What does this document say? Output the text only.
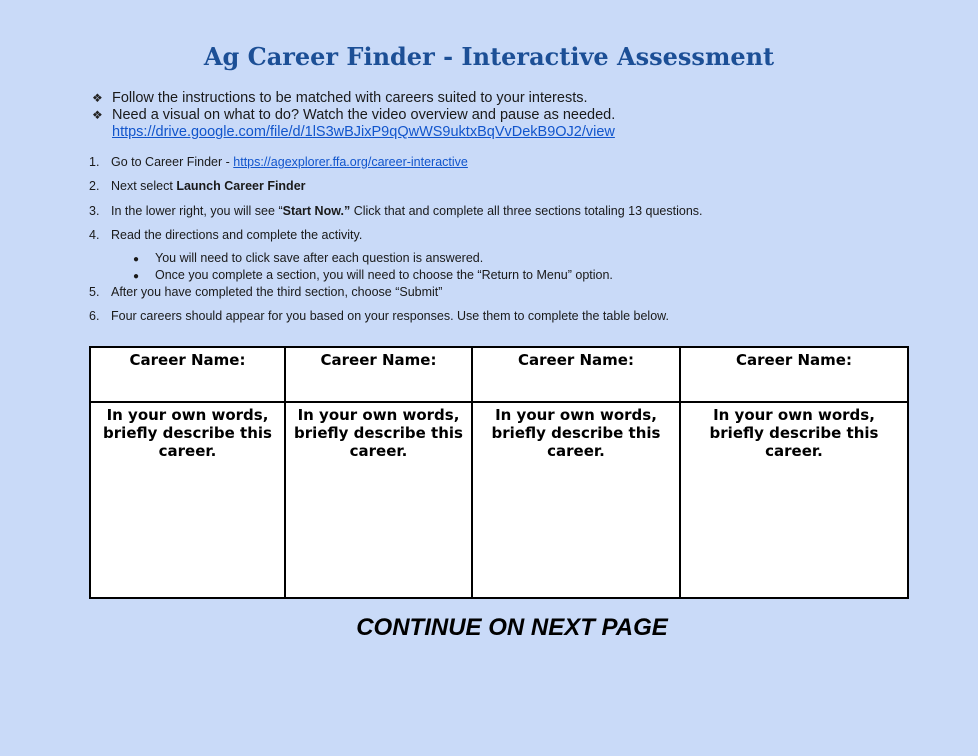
Ag Career Finder - Interactive Assessment
❖ Follow the instructions to be matched with careers suited to your interests.
❖ Need a visual on what to do? Watch the video overview and pause as needed.
https://drive.google.com/file/d/1lS3wBJixP9qQwWS9uktxBqVvDekB9OJ2/view
1. Go to Career Finder - https://agexplorer.ffa.org/career-interactive
2. Next select Launch Career Finder
3. In the lower right, you will see “Start Now.” Click that and complete all three sections totaling 13 questions.
4. Read the directions and complete the activity.
● You will need to click save after each question is answered.
● Once you complete a section, you will need to choose the “Return to Menu” option.
5. After you have completed the third section, choose “Submit”
6. Four careers should appear for you based on your responses. Use them to complete the table below.
Career Name:	Career Name:	Career Name:	Career Name:
In your own words, briefly describe this career.	In your own words, briefly describe this career.	In your own words, briefly describe this career.	In your own words, briefly describe this career.
CONTINUE ON NEXT PAGE
